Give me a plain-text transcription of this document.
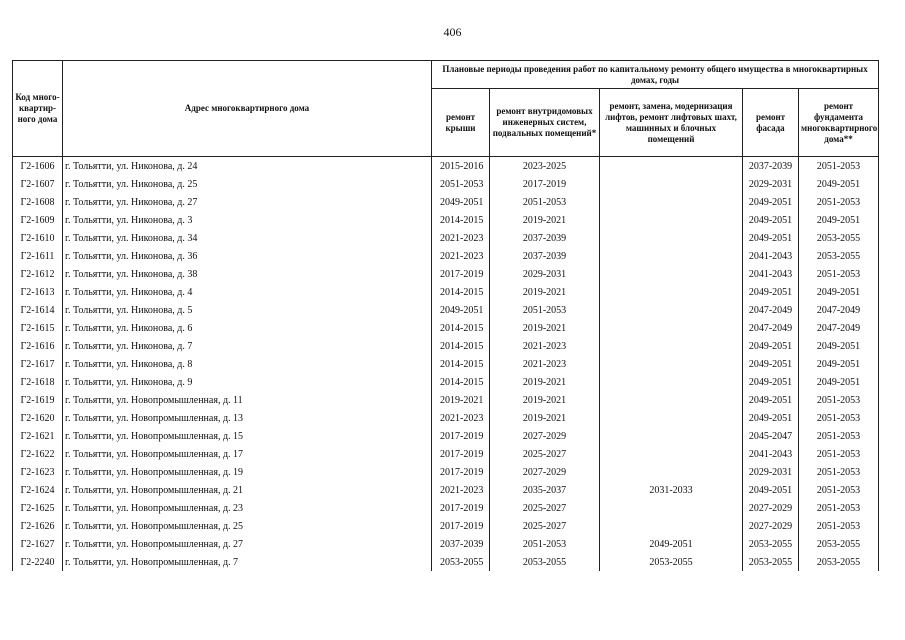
406
Код много-квартир-ного дома	Адрес многоквартирного дома	Плановые периоды проведения работ по капитальному ремонту общего имущества в многоквартирных домах, годы				
		ремонт крыши	ремонт внутридомовых инженерных систем, подвальных помещений*	ремонт, замена, модернизация лифтов, ремонт лифтовых шахт, машинных и блочных помещений	ремонт фасада	ремонт фундамента многоквартирного дома**
Г2-1606	г. Тольятти, ул. Никонова, д. 24	2015-2016	2023-2025		2037-2039	2051-2053
Г2-1607	г. Тольятти, ул. Никонова, д. 25	2051-2053	2017-2019		2029-2031	2049-2051
Г2-1608	г. Тольятти, ул. Никонова, д. 27	2049-2051	2051-2053		2049-2051	2051-2053
Г2-1609	г. Тольятти, ул. Никонова, д. 3	2014-2015	2019-2021		2049-2051	2049-2051
Г2-1610	г. Тольятти, ул. Никонова, д. 34	2021-2023	2037-2039		2049-2051	2053-2055
Г2-1611	г. Тольятти, ул. Никонова, д. 36	2021-2023	2037-2039		2041-2043	2053-2055
Г2-1612	г. Тольятти, ул. Никонова, д. 38	2017-2019	2029-2031		2041-2043	2051-2053
Г2-1613	г. Тольятти, ул. Никонова, д. 4	2014-2015	2019-2021		2049-2051	2049-2051
Г2-1614	г. Тольятти, ул. Никонова, д. 5	2049-2051	2051-2053		2047-2049	2047-2049
Г2-1615	г. Тольятти, ул. Никонова, д. 6	2014-2015	2019-2021		2047-2049	2047-2049
Г2-1616	г. Тольятти, ул. Никонова, д. 7	2014-2015	2021-2023		2049-2051	2049-2051
Г2-1617	г. Тольятти, ул. Никонова, д. 8	2014-2015	2021-2023		2049-2051	2049-2051
Г2-1618	г. Тольятти, ул. Никонова, д. 9	2014-2015	2019-2021		2049-2051	2049-2051
Г2-1619	г. Тольятти, ул. Новопромышленная, д. 11	2019-2021	2019-2021		2049-2051	2051-2053
Г2-1620	г. Тольятти, ул. Новопромышленная, д. 13	2021-2023	2019-2021		2049-2051	2051-2053
Г2-1621	г. Тольятти, ул. Новопромышленная, д. 15	2017-2019	2027-2029		2045-2047	2051-2053
Г2-1622	г. Тольятти, ул. Новопромышленная, д. 17	2017-2019	2025-2027		2041-2043	2051-2053
Г2-1623	г. Тольятти, ул. Новопромышленная, д. 19	2017-2019	2027-2029		2029-2031	2051-2053
Г2-1624	г. Тольятти, ул. Новопромышленная, д. 21	2021-2023	2035-2037	2031-2033	2049-2051	2051-2053
Г2-1625	г. Тольятти, ул. Новопромышленная, д. 23	2017-2019	2025-2027		2027-2029	2051-2053
Г2-1626	г. Тольятти, ул. Новопромышленная, д. 25	2017-2019	2025-2027		2027-2029	2051-2053
Г2-1627	г. Тольятти, ул. Новопромышленная, д. 27	2037-2039	2051-2053	2049-2051	2053-2055	2053-2055
Г2-2240	г. Тольятти, ул. Новопромышленная, д. 7	2053-2055	2053-2055	2053-2055	2053-2055	2053-2055
